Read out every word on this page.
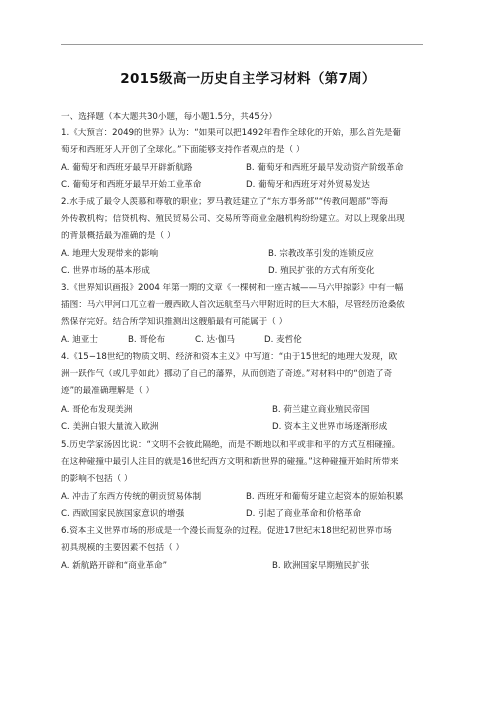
2015级高一历史自主学习材料（第7周）
一、选择题（本大题共30小题，每小题1.5分，共45分）
1.《大预言：2049的世界》认为：“如果可以把1492年看作全球化的开始，那么首先是葡
萄牙和西班牙人开创了全球化。”下面能够支持作者观点的是（ ）
A. 葡萄牙和西班牙最早开辟新航路	B. 葡萄牙和西班牙最早发动资产阶级革命
C. 葡萄牙和西班牙最早开始工业革命	D. 葡萄牙和西班牙对外贸易发达
2.水手成了最令人羡慕和尊敬的职业；罗马教廷建立了“东方事务部”“传教问题部”等海
外传教机构；信贷机构、殖民贸易公司、交易所等商业金融机构纷纷建立。对以上现象出现
的背景概括最为准确的是（ ）
A. 地理大发现带来的影响	B. 宗教改革引发的连锁反应
C. 世界市场的基本形成	D. 殖民扩张的方式有所变化
3.《世界知识画报》2004 年第一期的文章《一棵树和一座古城——马六甲掠影》中有一幅
插图：马六甲河口兀立着一艘西欧人首次远航至马六甲附近时的巨大木船，尽管经历沧桑依
然保存完好。结合所学知识推测出这艘船最有可能属于（ ）
A. 迪亚士	B. 哥伦布	C. 达·伽马	D. 麦哲伦
4.《15−18世纪的物质文明、经济和资本主义》中写道：“由于15世纪的地理大发现，欧
洲一跃作气（或几乎如此）挪动了自己的藩界，从而创造了奇迹。”对材料中的“创造了奇
迹”的最准确理解是（ ）
A. 哥伦布发现美洲	B. 荷兰建立商业殖民帝国
C. 美洲白银大量流入欧洲	D. 资本主义世界市场逐渐形成
5.历史学家汤因比说：“文明不会彼此隔绝，而是不断地以和平或非和平的方式互相碰撞。
在这种碰撞中最引人注目的就是16世纪西方文明和新世界的碰撞。”这种碰撞开始时所带来
的影响不包括（ ）
A. 冲击了东西方传统的朝贡贸易体制	B. 西班牙和葡萄牙建立起资本的原始积累
C. 西欧国家民族国家意识的增强	D. 引起了商业革命和价格革命
6.资本主义世界市场的形成是一个漫长而复杂的过程。促进17世纪末18世纪初世界市场
初具规模的主要因素不包括（ ）
A. 新航路开辟和“商业革命”	B. 欧洲国家早期殖民扩张
